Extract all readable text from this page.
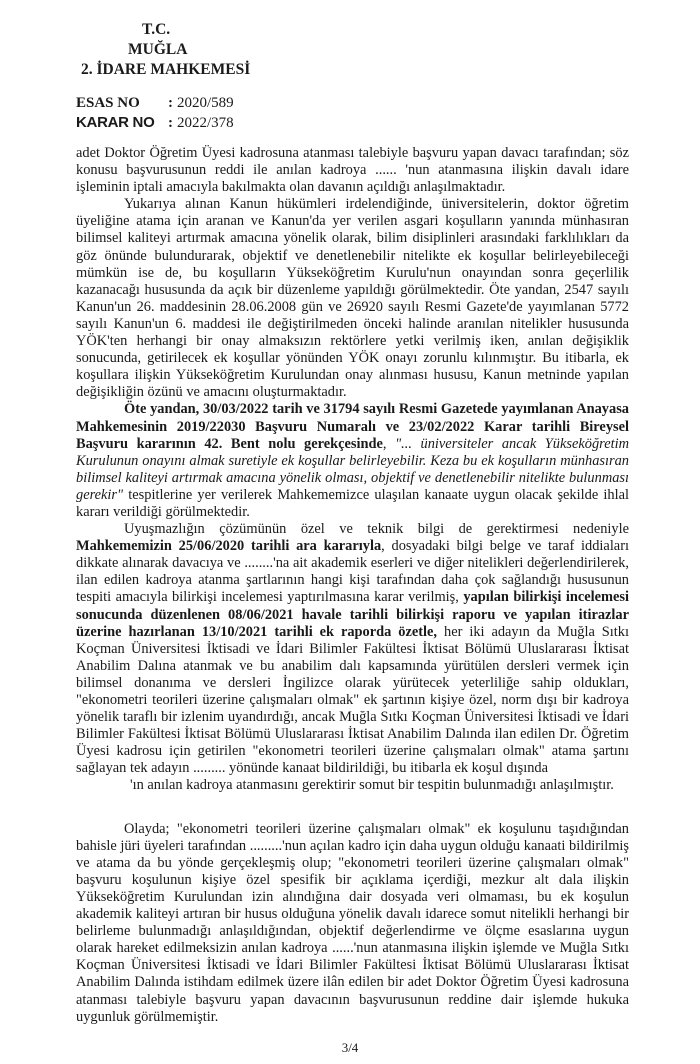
T.C.
MUĞLA
2. İDARE MAHKEMESİ
ESAS NO	: 2020/589
KARAR NO : 2022/378

adet Doktor Öğretim Üyesi kadrosuna atanması talebiyle başvuru yapan davacı tarafından; söz konusu başvurusunun reddi ile anılan kadroya ...... 'nun atanmasına ilişkin davalı idare işleminin iptali amacıyla bakılmakta olan davanın açıldığı anlaşılmaktadır.

Yukarıya alınan Kanun hükümleri irdelendiğinde, üniversitelerin, doktor öğretim üyeliğine atama için aranan ve Kanun'da yer verilen asgari koşulların yanında münhasıran bilimsel kaliteyi artırmak amacına yönelik olarak, bilim disiplinleri arasındaki farklılıkları da göz önünde bulundurarak, objektif ve denetlenebilir nitelikte ek koşullar belirleyebileceği mümkün ise de, bu koşulların Yükseköğretim Kurulu'nun onayından sonra geçerlilik kazanacağı hususunda da açık bir düzenleme yapıldığı görülmektedir. Öte yandan, 2547 sayılı Kanun'un 26. maddesinin 28.06.2008 gün ve 26920 sayılı Resmi Gazete'de yayımlanan 5772 sayılı Kanun'un 6. maddesi ile değiştirilmeden önceki halinde aranılan nitelikler hususunda YÖK'ten herhangi bir onay almaksızın rektörlere yetki verilmiş iken, anılan değişiklik sonucunda, getirilecek ek koşullar yönünden YÖK onayı zorunlu kılınmıştır. Bu itibarla, ek koşullara ilişkin Yükseköğretim Kurulundan onay alınması hususu, Kanun metninde yapılan değişikliğin özünü ve amacını oluşturmaktadır.

Öte yandan, 30/03/2022 tarih ve 31794 sayılı Resmi Gazetede yayımlanan Anayasa Mahkemesinin 2019/22030 Başvuru Numaralı ve 23/02/2022 Karar tarihli Bireysel Başvuru kararının 42. Bent nolu gerekçesinde, "... üniversiteler ancak Yükseköğretim Kurulunun onayını almak suretiyle ek koşullar belirleyebilir. Keza bu ek koşulların münhasıran bilimsel kaliteyi artırmak amacına yönelik olması, objektif ve denetlenebilir nitelikte bulunması gerekir" tespitlerine yer verilerek Mahkememizce ulaşılan kanaate uygun olacak şekilde ihlal kararı verildiği görülmektedir.

Uyuşmazlığın çözümünün özel ve teknik bilgi de gerektirmesi nedeniyle Mahkememizin 25/06/2020 tarihli ara kararıyla, dosyadaki bilgi belge ve taraf iddiaları dikkate alınarak davacıya ve ........'na ait akademik eserleri ve diğer nitelikleri değerlendirilerek, ilan edilen kadroya atanma şartlarının hangi kişi tarafından daha çok sağlandığı hususunun tespiti amacıyla bilirkişi incelemesi yaptırılmasına karar verilmiş, yapılan bilirkişi incelemesi sonucunda düzenlenen 08/06/2021 havale tarihli bilirkişi raporu ve yapılan itirazlar üzerine hazırlanan 13/10/2021 tarihli ek raporda özetle, her iki adayın da Muğla Sıtkı Koçman Üniversitesi İktisadi ve İdari Bilimler Fakültesi İktisat Bölümü Uluslararası İktisat Anabilim Dalına atanmak ve bu anabilim dalı kapsamında yürütülen dersleri vermek için bilimsel donanıma ve dersleri İngilizce olarak yürütecek yeterliliğe sahip oldukları, "ekonometri teorileri üzerine çalışmaları olmak" ek şartının kişiye özel, norm dışı bir kadroya yönelik taraflı bir izlenim uyandırdığı, ancak Muğla Sıtkı Koçman Üniversitesi İktisadi ve İdari Bilimler Fakültesi İktisat Bölümü Uluslararası İktisat Anabilim Dalında ilan edilen Dr. Öğretim Üyesi kadrosu için getirilen "ekonometri teorileri üzerine çalışmaları olmak" atama şartını sağlayan tek adayın ......... yönünde kanaat bildirildiği, bu itibarla ek koşul dışında
'ın anılan kadroya atanmasını gerektirir somut bir tespitin bulunmadığı anlaşılmıştır.

Olayda; "ekonometri teorileri üzerine çalışmaları olmak" ek koşulunu taşıdığından bahisle jüri üyeleri tarafından .........'nun açılan kadro için daha uygun olduğu kanaati bildirilmiş ve atama da bu yönde gerçekleşmiş olup; "ekonometri teorileri üzerine çalışmaları olmak" başvuru koşulunun kişiye özel spesifik bir açıklama içerdiği, mezkur alt dala ilişkin Yükseköğretim Kurulundan izin alındığına dair dosyada veri olmaması, bu ek koşulun akademik kaliteyi artıran bir husus olduğuna yönelik davalı idarece somut nitelikli herhangi bir belirleme bulunmadığı anlaşıldığından, objektif değerlendirme ve ölçme esaslarına uygun olarak hareket edilmeksizin anılan kadroya ......'nun atanmasına ilişkin işlemde ve Muğla Sıtkı Koçman Üniversitesi İktisadi ve İdari Bilimler Fakültesi İktisat Bölümü Uluslararası İktisat Anabilim Dalında istihdam edilmek üzere ilân edilen bir adet Doktor Öğretim Üyesi kadrosuna atanması talebiyle başvuru yapan davacının başvurusunun reddine dair işlemde hukuka uygunluk görülmemiştir.

3/4
